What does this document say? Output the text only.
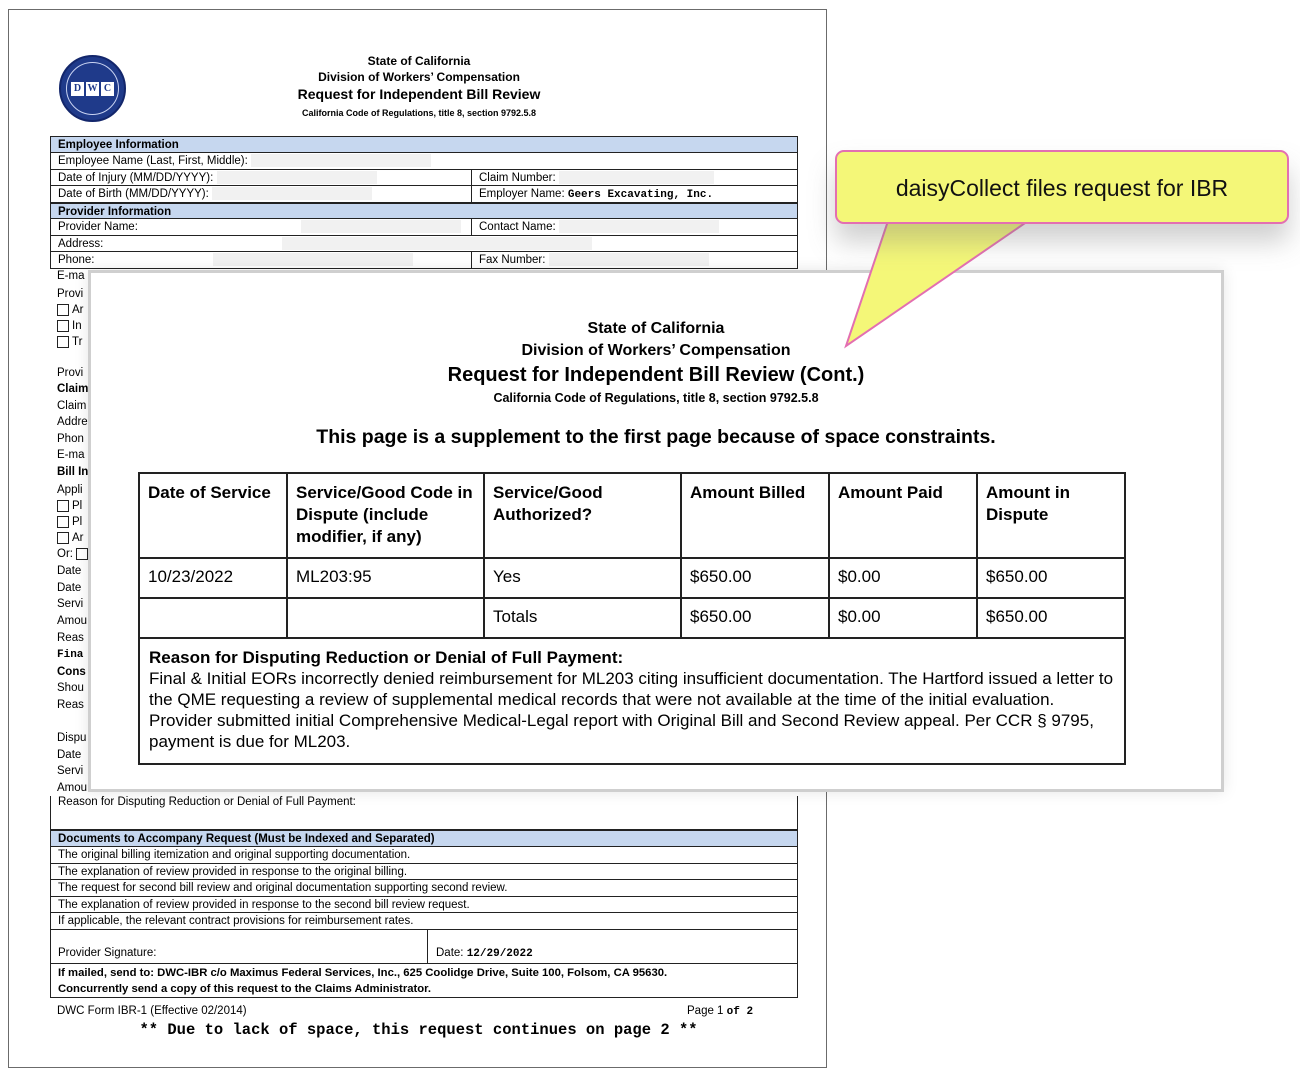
D W C
State of California
Division of Workers’ Compensation
Request for Independent Bill Review
California Code of Regulations, title 8, section 9792.5.8
Employee Information
Employee Name (Last, First, Middle):
Date of Injury (MM/DD/YYYY):	Claim Number:
Date of Birth (MM/DD/YYYY):	Employer Name: Geers Excavating, Inc.
Provider Information
Provider Name:	Contact Name:
Address:
Phone:	Fax Number:
E-ma
Provi
Ar
In
Tr
Provi
Claim
Claim
Addre
Phon
E-ma
Bill In
Appli
Pl
Pl
Ar
Or:
Date
Date
Servi
Amou
Reas
Fina
Cons
Shou
Reas
Dispu
Date
Servi
Amou
Reason for Disputing Reduction or Denial of Full Payment:
Documents to Accompany Request (Must be Indexed and Separated)
The original billing itemization and original supporting documentation.
The explanation of review provided in response to the original billing.
The request for second bill review and original documentation supporting second review.
The explanation of review provided in response to the second bill review request.
If applicable, the relevant contract provisions for reimbursement rates.
Provider Signature:	Date: 12/29/2022
If mailed, send to: DWC-IBR c/o Maximus Federal Services, Inc., 625 Coolidge Drive, Suite 100, Folsom, CA 95630.
Concurrently send a copy of this request to the Claims Administrator.
DWC Form IBR-1 (Effective 02/2014)	Page 1 of 2
** Due to lack of space, this request continues on page 2 **
State of California
Division of Workers’ Compensation
Request for Independent Bill Review (Cont.)
California Code of Regulations, title 8, section 9792.5.8
This page is a supplement to the first page because of space constraints.
Date of Service	Service/Good Code in Dispute (include modifier, if any)	Service/Good Authorized?	Amount Billed	Amount Paid	Amount in Dispute
10/23/2022	ML203:95	Yes	$650.00	$0.00	$650.00
		Totals	$650.00	$0.00	$650.00

Reason for Disputing Reduction or Denial of Full Payment:
Final & Initial EORs incorrectly denied reimbursement for ML203 citing insufficient documentation. The Hartford issued a letter to the QME requesting a review of supplemental medical records that were not available at the time of the initial evaluation. Provider submitted initial Comprehensive Medical-Legal report with Original Bill and Second Review appeal. Per CCR § 9795, payment is due for ML203.					
daisyCollect files request for IBR
